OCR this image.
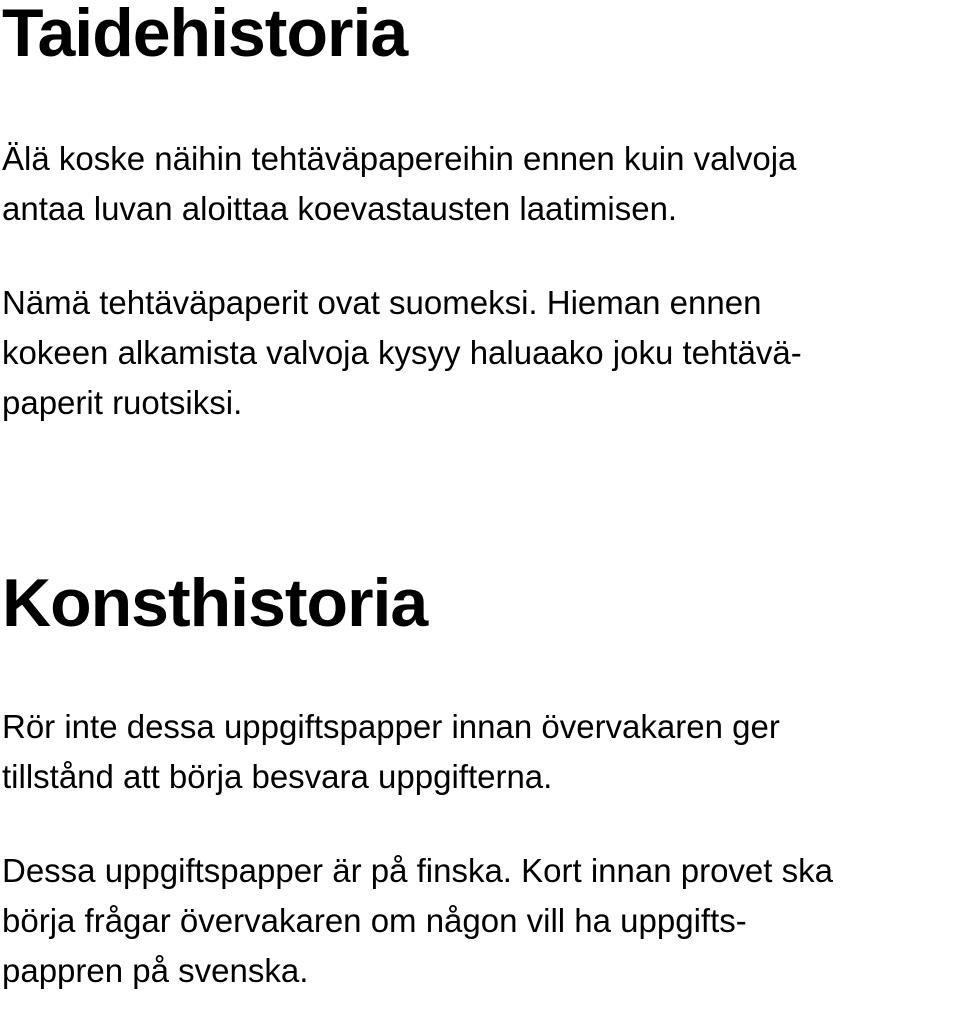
Taidehistoria

Älä koske näihin tehtäväpapereihin ennen kuin valvoja
antaa luvan aloittaa koevastausten laatimisen.

Nämä tehtäväpaperit ovat suomeksi. Hieman ennen
kokeen alkamista valvoja kysyy haluaako joku tehtävä-
paperit ruotsiksi.

Konsthistoria

Rör inte dessa uppgiftspapper innan övervakaren ger
tillstånd att börja besvara uppgifterna.

Dessa uppgiftspapper är på finska. Kort innan provet ska
börja frågar övervakaren om någon vill ha uppgifts-
pappren på svenska.
